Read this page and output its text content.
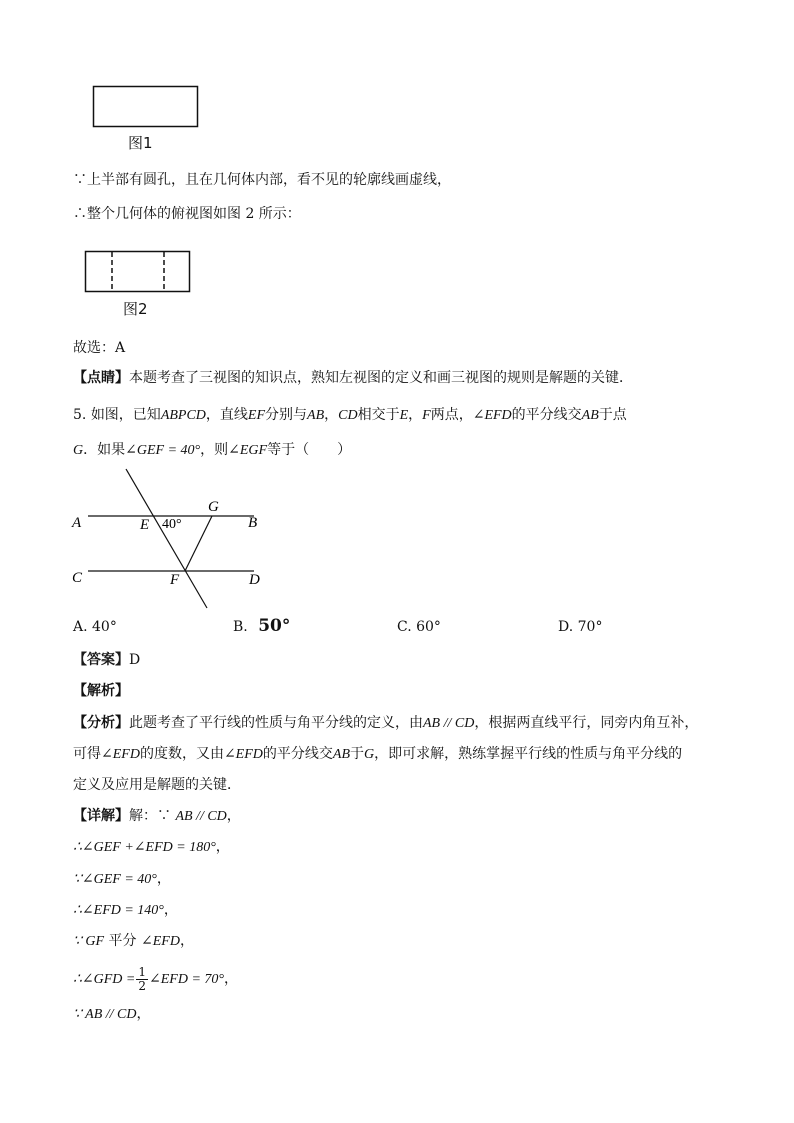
图1
∵上半部有圆孔，且在几何体内部，看不见的轮廓线画虚线，
∴整个几何体的俯视图如图 2 所示：
图2
故选：A
【点睛】本题考查了三视图的知识点，熟知左视图的定义和画三视图的规则是解题的关键．
5. 如图，已知ABPCD，直线EF分别与AB，CD相交于E，F两点，∠EFD的平分线交AB于点
G．如果∠GEF = 40°，则∠EGF等于（　　）
A	B
C	D
E
F
G
40°
A. 40°	B. 50°	C. 60°	D. 70°
【答案】D
【解析】
【分析】此题考查了平行线的性质与角平分线的定义，由AB // CD，根据两直线平行，同旁内角互补，
可得∠EFD的度数，又由∠EFD的平分线交AB于G，即可求解，熟练掌握平行线的性质与角平分线的
定义及应用是解题的关键．
【详解】解：∵ AB // CD，
∴∠GEF +∠EFD = 180°，
∵∠GEF = 40°，
∴∠EFD = 140°，
∵ GF 平分 ∠EFD，
∴∠GFD = $\frac{1}{2}$ ∠EFD = 70°，
∵ AB // CD，
